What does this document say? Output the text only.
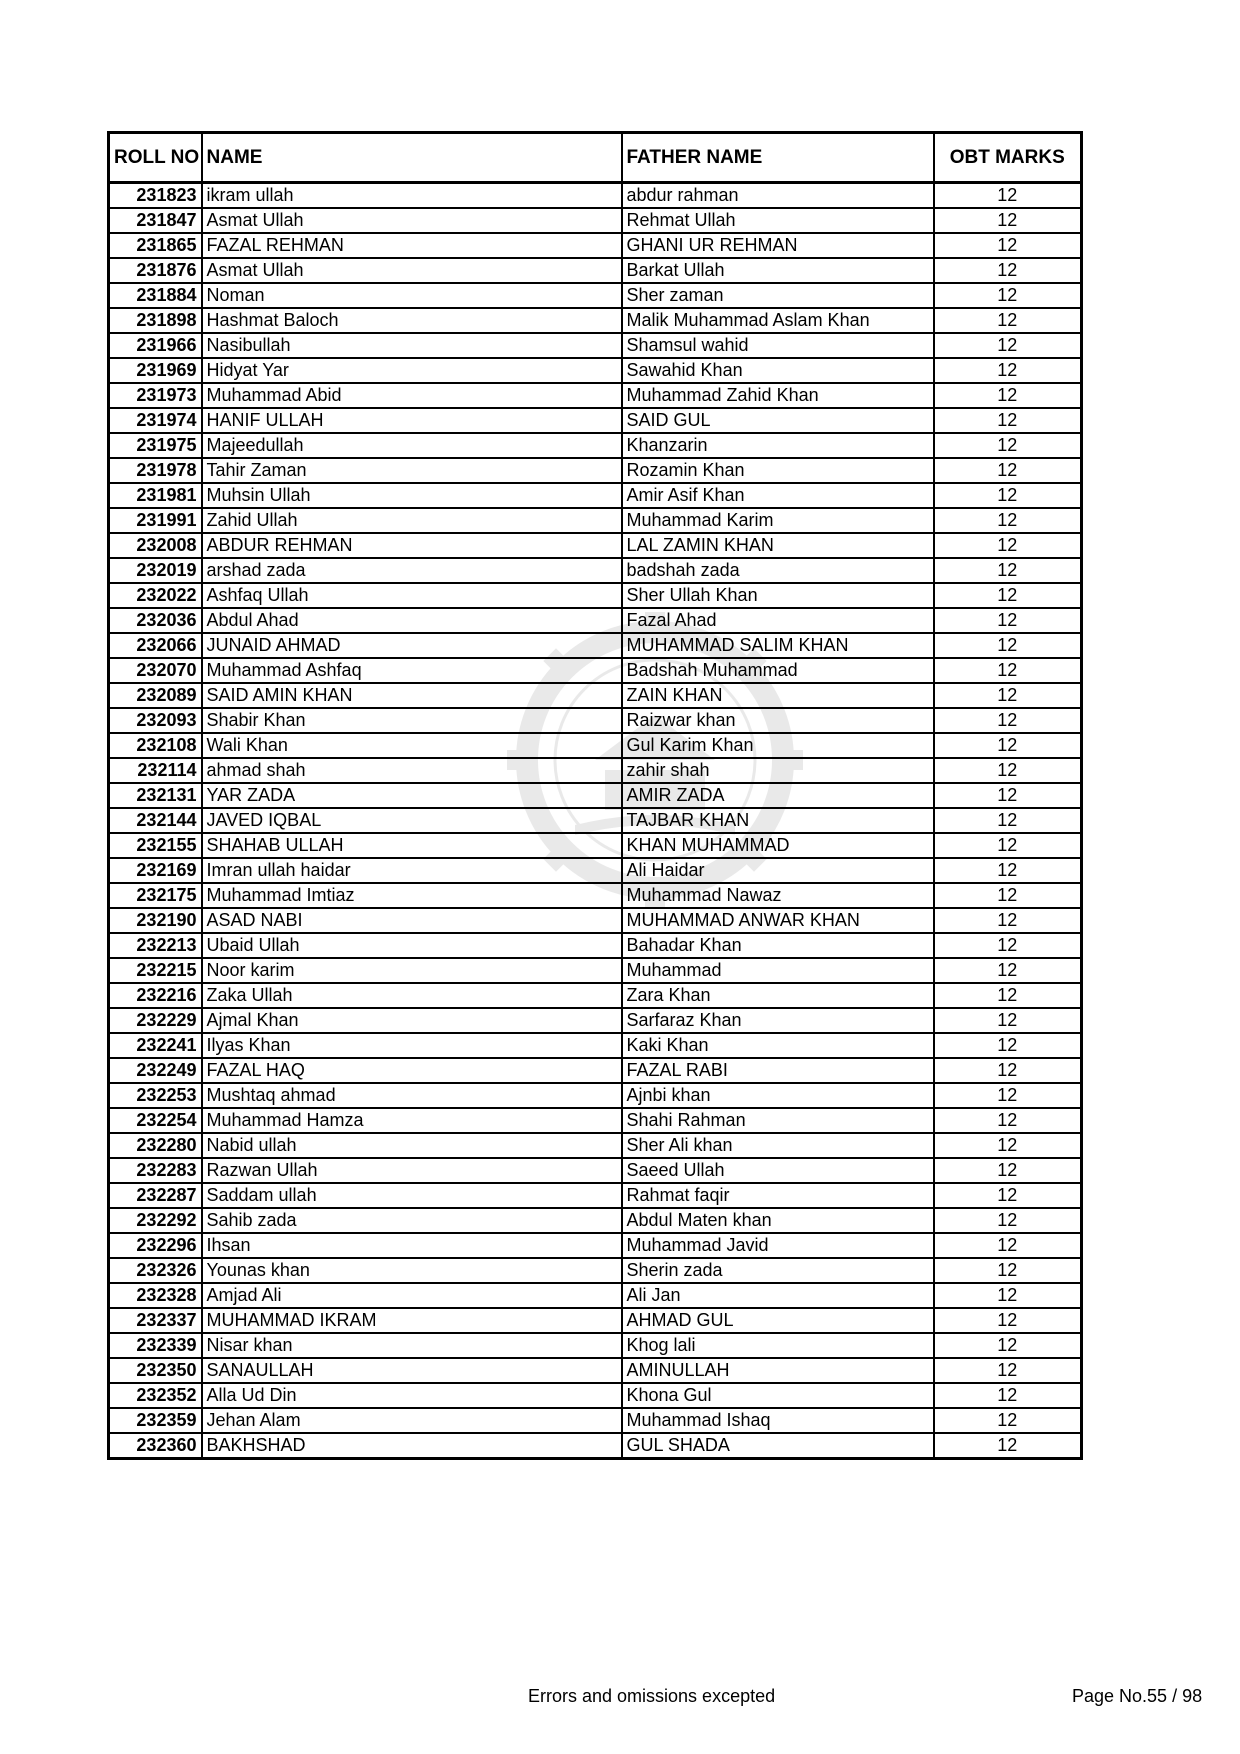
ROLL NO	NAME	FATHER NAME	OBT MARKS
231823	ikram ullah	abdur rahman	12
231847	Asmat Ullah	Rehmat Ullah	12
231865	FAZAL REHMAN	GHANI UR REHMAN	12
231876	Asmat Ullah	Barkat Ullah	12
231884	Noman	Sher zaman	12
231898	Hashmat Baloch	Malik Muhammad Aslam Khan	12
231966	Nasibullah	Shamsul wahid	12
231969	Hidyat Yar	Sawahid Khan	12
231973	Muhammad Abid	Muhammad Zahid Khan	12
231974	HANIF ULLAH	SAID GUL	12
231975	Majeedullah	Khanzarin	12
231978	Tahir Zaman	Rozamin Khan	12
231981	Muhsin Ullah	Amir Asif Khan	12
231991	Zahid Ullah	Muhammad Karim	12
232008	ABDUR REHMAN	LAL ZAMIN KHAN	12
232019	arshad zada	badshah zada	12
232022	Ashfaq Ullah	Sher Ullah Khan	12
232036	Abdul Ahad	Fazal Ahad	12
232066	JUNAID AHMAD	MUHAMMAD SALIM KHAN	12
232070	Muhammad Ashfaq	Badshah Muhammad	12
232089	SAID AMIN KHAN	ZAIN KHAN	12
232093	Shabir Khan	Raizwar khan	12
232108	Wali Khan	Gul Karim Khan	12
232114	ahmad shah	zahir shah	12
232131	YAR ZADA	AMIR ZADA	12
232144	JAVED IQBAL	TAJBAR KHAN	12
232155	SHAHAB ULLAH	KHAN MUHAMMAD	12
232169	Imran ullah haidar	Ali Haidar	12
232175	Muhammad Imtiaz	Muhammad Nawaz	12
232190	ASAD NABI	MUHAMMAD ANWAR KHAN	12
232213	Ubaid Ullah	Bahadar Khan	12
232215	Noor karim	Muhammad	12
232216	Zaka Ullah	Zara Khan	12
232229	Ajmal Khan	Sarfaraz Khan	12
232241	Ilyas Khan	Kaki Khan	12
232249	FAZAL HAQ	FAZAL RABI	12
232253	Mushtaq ahmad	Ajnbi khan	12
232254	Muhammad Hamza	Shahi Rahman	12
232280	Nabid ullah	Sher Ali khan	12
232283	Razwan Ullah	Saeed Ullah	12
232287	Saddam ullah	Rahmat faqir	12
232292	Sahib zada	Abdul Maten khan	12
232296	Ihsan	Muhammad Javid	12
232326	Younas khan	Sherin zada	12
232328	Amjad Ali	Ali Jan	12
232337	MUHAMMAD IKRAM	AHMAD GUL	12
232339	Nisar khan	Khog lali	12
232350	SANAULLAH	AMINULLAH	12
232352	Alla Ud Din	Khona Gul	12
232359	Jehan Alam	Muhammad Ishaq	12
232360	BAKHSHAD	GUL SHADA	12
Errors and omissions excepted	Page No.55 / 98
